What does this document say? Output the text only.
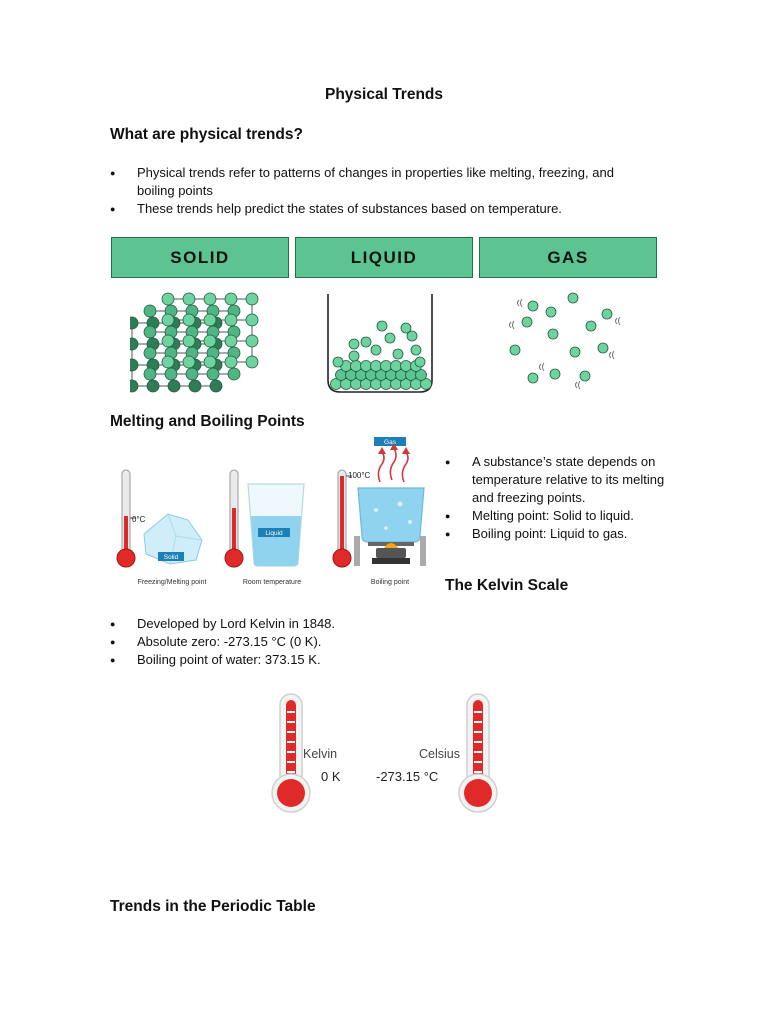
Physical Trends
What are physical trends?
● Physical trends refer to patterns of changes in properties like melting, freezing, and boiling points
● These trends help predict the states of substances based on temperature.
SOLID	LIQUID	GAS
Melting and Boiling Points
0°C
Solid
Freezing/Melting point
Liquid
Room temperature
100°C
Gas
Boiling point
● A substance’s state depends on temperature relative to its melting and freezing points.
● Melting point: Solid to liquid.
● Boiling point: Liquid to gas.
The Kelvin Scale
● Developed by Lord Kelvin in 1848.
● Absolute zero: -273.15 °C (0 K).
● Boiling point of water: 373.15 K.
Kelvin
0 K
Celsius
-273.15 °C
Trends in the Periodic Table
